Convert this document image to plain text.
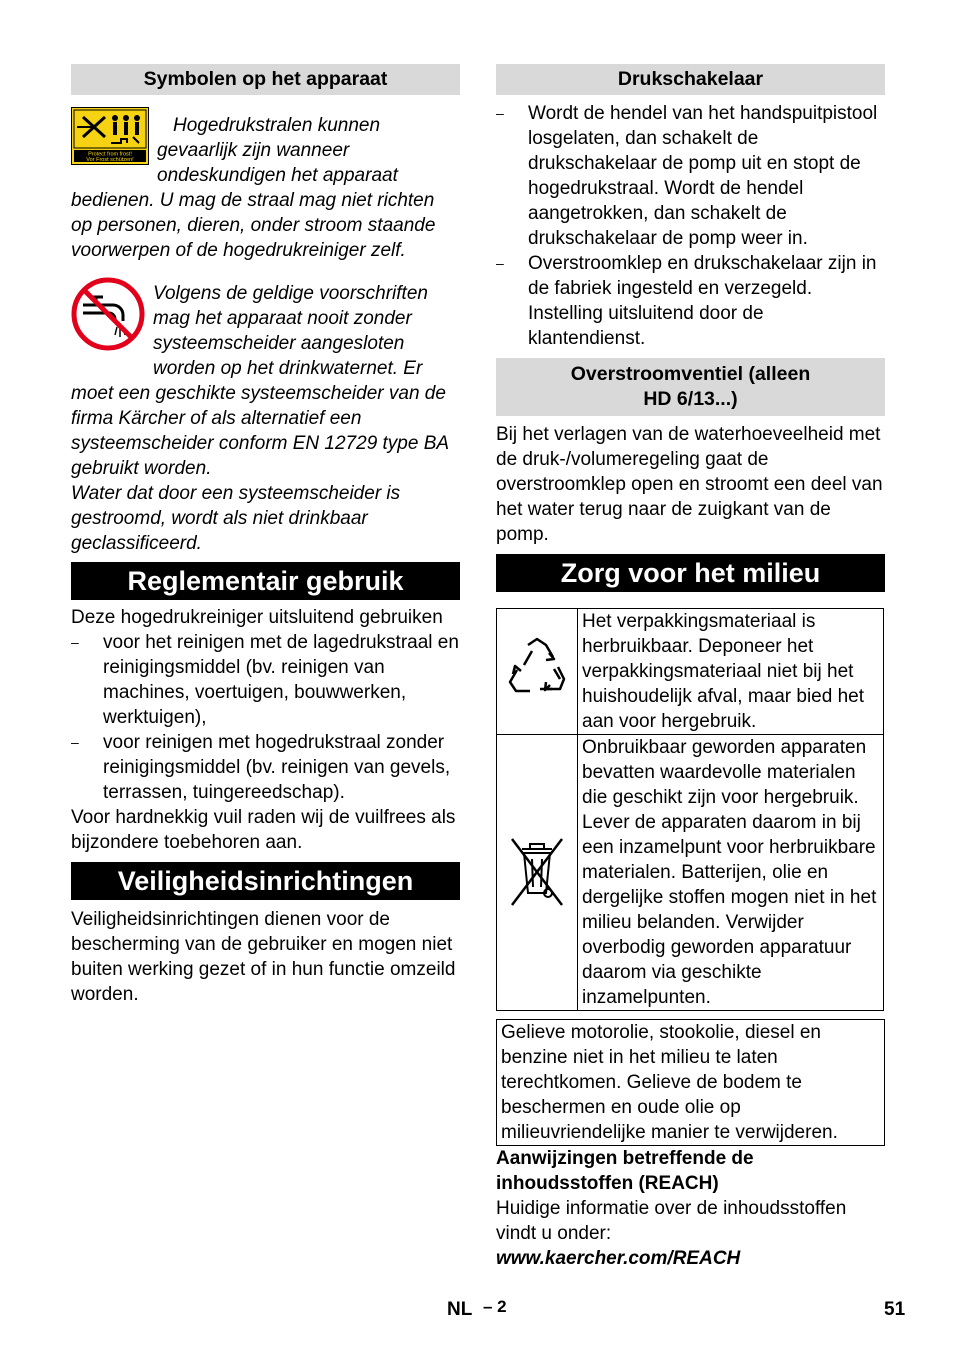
Symbolen op het apparaat
Protect from frost!
Vor Frost schützen!

Hogedrukstralen kunnen gevaarlijk zijn wanneer ondeskundigen het apparaat bedienen. U mag de straal mag niet richten op personen, dieren, onder stroom staande voorwerpen of de hogedrukreiniger zelf.

Volgens de geldige voorschriften mag het apparaat nooit zonder systeemscheider aangesloten worden op het drinkwaternet. Er moet een geschikte systeemscheider van de firma Kärcher of als alternatief een systeemscheider conform EN 12729 type BA gebruikt worden.

Water dat door een systeemscheider is gestroomd, wordt als niet drinkbaar geclassificeerd.

Reglementair gebruik

Deze hogedrukreiniger uitsluitend gebruiken

– voor het reinigen met de lagedrukstraal en reinigingsmiddel (bv. reinigen van machines, voertuigen, bouwwerken, werktuigen),
– voor reinigen met hogedrukstraal zonder reinigingsmiddel (bv. reinigen van gevels, terrassen, tuingereedschap).

Voor hardnekkig vuil raden wij de vuilfrees als bijzondere toebehoren aan.

Veiligheidsinrichtingen

Veiligheidsinrichtingen dienen voor de bescherming van de gebruiker en mogen niet buiten werking gezet of in hun functie omzeild worden.

Drukschakelaar
– Wordt de hendel van het handspuitpistool losgelaten, dan schakelt de drukschakelaar de pomp uit en stopt de hogedrukstraal. Wordt de hendel aangetrokken, dan schakelt de drukschakelaar de pomp weer in.
– Overstroomklep en drukschakelaar zijn in de fabriek ingesteld en verzegeld. Instelling uitsluitend door de klantendienst.
Overstroomventiel (alleen HD 6/13...)

Bij het verlagen van de waterhoeveelheid met de druk-/volumeregeling gaat de overstroomklep open en stroomt een deel van het water terug naar de zuigkant van de pomp.

Zorg voor het milieu
	Het verpakkingsmateriaal is herbruikbaar. Deponeer het verpakkingsmateriaal niet bij het huishoudelijk afval, maar bied het aan voor hergebruik.
	Onbruikbaar geworden apparaten bevatten waardevolle materialen die geschikt zijn voor hergebruik. Lever de apparaten daarom in bij een inzamelpunt voor herbruikbare materialen. Batterijen, olie en dergelijke stoffen mogen niet in het milieu belanden. Verwijder overbodig geworden apparatuur daarom via geschikte inzamelpunten.
Gelieve motorolie, stookolie, diesel en benzine niet in het milieu te laten terechtkomen. Gelieve de bodem te beschermen en oude olie op milieuvriendelijke manier te verwijderen.

Aanwijzingen betreffende de inhoudsstoffen (REACH)

Huidige informatie over de inhoudsstoffen vindt u onder:

www.kaercher.com/REACH

NL – 2	51
